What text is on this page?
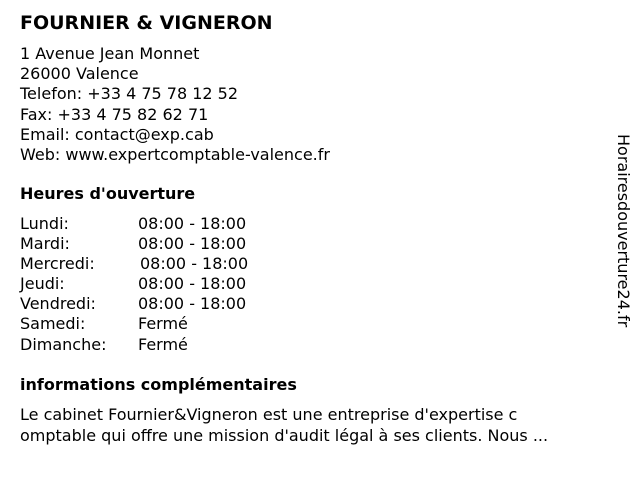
FOURNIER & VIGNERON
1 Avenue Jean Monnet
26000 Valence
Telefon: +33 4 75 78 12 52
Fax: +33 4 75 82 62 71
Email: contact@exp.cab
Web: www.expertcomptable-valence.fr
Heures d'ouverture
Lundi:	08:00 - 18:00
Mardi:	08:00 - 18:00
Mercredi:	08:00 - 18:00
Jeudi:	08:00 - 18:00
Vendredi:	08:00 - 18:00
Samedi:	Fermé
Dimanche: Fermé
informations complémentaires
Le cabinet Fournier&Vigneron est une entreprise d'expertise c
omptable qui offre une mission d'audit légal à ses clients. Nous ...
Horairesdouverture24.fr
